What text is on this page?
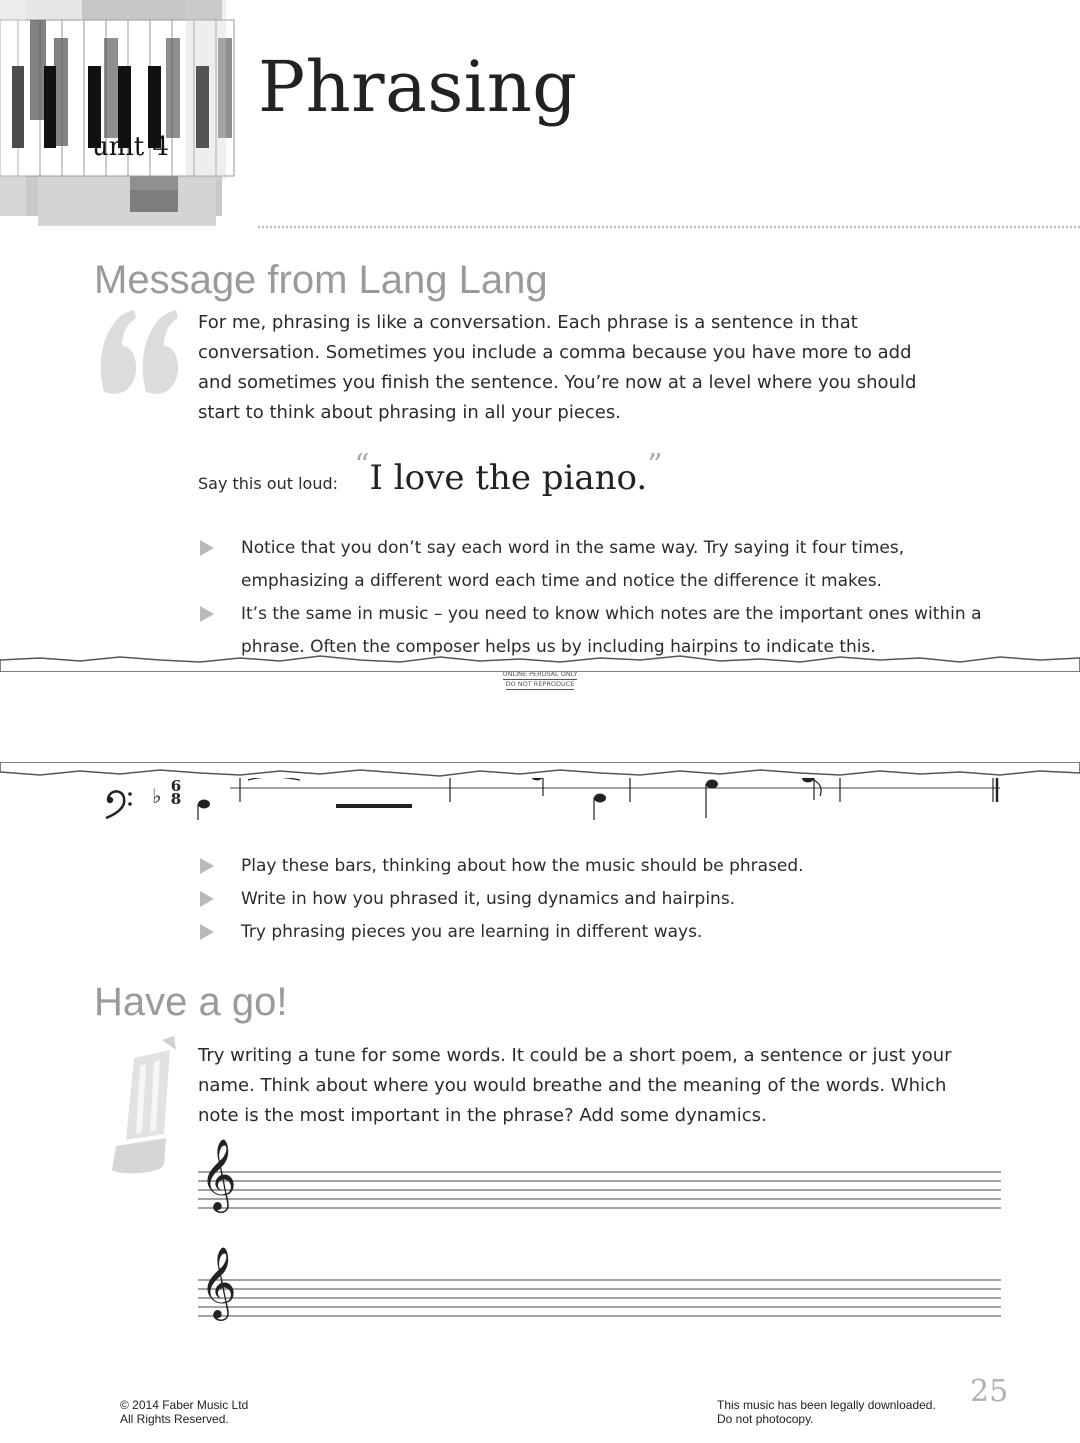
unit 4
Phrasing
Message from Lang Lang
For me, phrasing is like a conversation. Each phrase is a sentence in that
conversation. Sometimes you include a comma because you have more to add
and sometimes you finish the sentence. You’re now at a level where you should
start to think about phrasing in all your pieces.
Say this out loud:  “I love the piano.”
Notice that you don’t say each word in the same way. Try saying it four times,
emphasizing a different word each time and notice the difference it makes.
It’s the same in music – you need to know which notes are the important ones within a
phrase. Often the composer helps us by including hairpins to indicate this.
ONLINE PERUSAL ONLY
DO NOT REPRODUCE
♭ 6
8
Play these bars, thinking about how the music should be phrased.
Write in how you phrased it, using dynamics and hairpins.
Try phrasing pieces you are learning in different ways.
Have a go!
Try writing a tune for some words. It could be a short poem, a sentence or just your
name. Think about where you would breathe and the meaning of the words. Which
note is the most important in the phrase? Add some dynamics.
𝄞
𝄞
© 2014 Faber Music Ltd
All Rights Reserved.
This music has been legally downloaded.
Do not photocopy.
25
